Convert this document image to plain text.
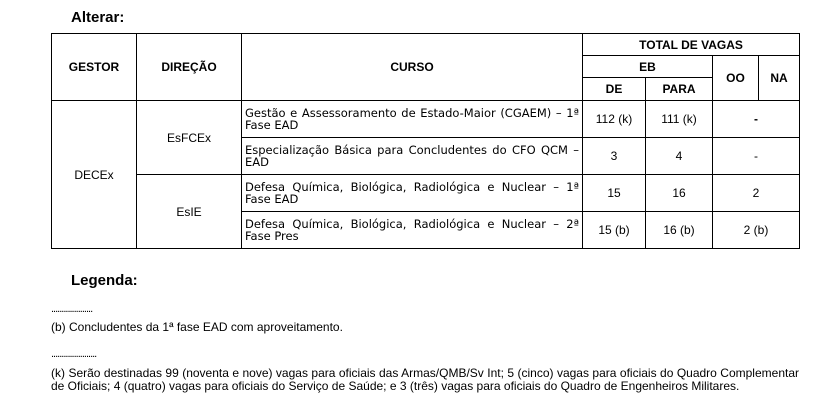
Alterar:
GESTOR	DIREÇÃO	CURSO	TOTAL DE VAGAS			
			EB		OO	NA
			DE	PARA		
DECEx	EsFCEx	Gestão e Assessoramento de Estado-Maior (CGAEM) – 1ª Fase EAD	112 (k)	111 (k)	-	
		Especialização Básica para Concludentes do CFO QCM – EAD	3	4	-	
	EsIE	Defesa Química, Biológica, Radiológica e Nuclear – 1ª Fase EAD	15	16	2	
		Defesa Química, Biológica, Radiológica e Nuclear – 2ª Fase Pres	15 (b)	16 (b)	2 (b)	
Legenda:
....................
(b) Concludentes da 1ª fase EAD com aproveitamento.
......................
(k) Serão destinadas 99 (noventa e nove) vagas para oficiais das Armas/QMB/Sv Int; 5 (cinco) vagas para oficiais do Quadro Complementar de Oficiais; 4 (quatro) vagas para oficiais do Serviço de Saúde; e 3 (três) vagas para oficiais do Quadro de Engenheiros Militares.
